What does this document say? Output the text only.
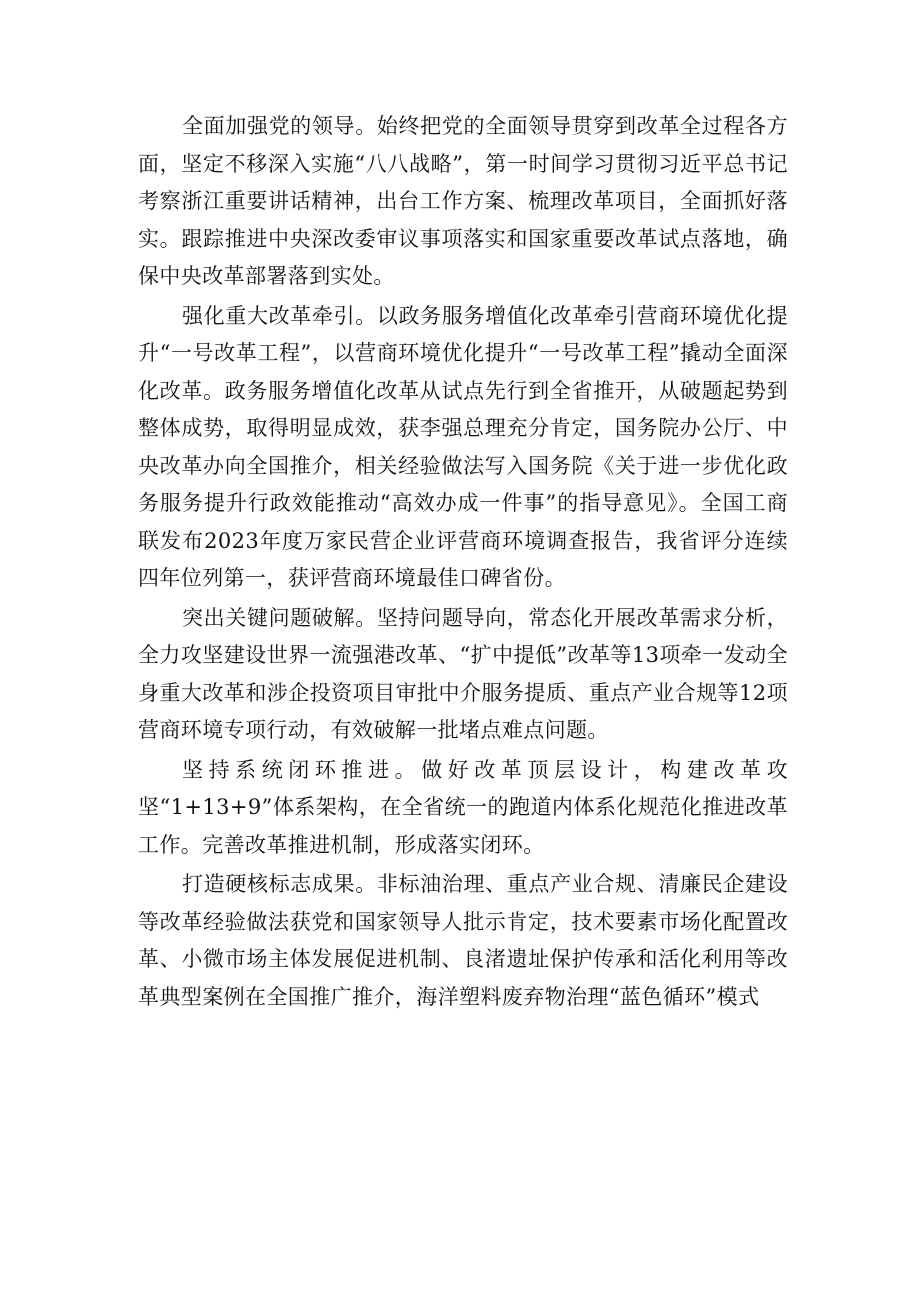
全面加强党的领导。始终把党的全面领导贯穿到改革全过程各方面，坚定不移深入实施“八八战略”，第一时间学习贯彻习近平总书记考察浙江重要讲话精神，出台工作方案、梳理改革项目，全面抓好落实。跟踪推进中央深改委审议事项落实和国家重要改革试点落地，确保中央改革部署落到实处。

强化重大改革牵引。以政务服务增值化改革牵引营商环境优化提升“一号改革工程”，以营商环境优化提升“一号改革工程”撬动全面深化改革。政务服务增值化改革从试点先行到全省推开，从破题起势到整体成势，取得明显成效，获李强总理充分肯定，国务院办公厅、中央改革办向全国推介，相关经验做法写入国务院《关于进一步优化政务服务提升行政效能推动“高效办成一件事”的指导意见》。全国工商联发布2023年度万家民营企业评营商环境调查报告，我省评分连续四年位列第一，获评营商环境最佳口碑省份。

突出关键问题破解。坚持问题导向，常态化开展改革需求分析，全力攻坚建设世界一流强港改革、“扩中提低”改革等13项牵一发动全身重大改革和涉企投资项目审批中介服务提质、重点产业合规等12项营商环境专项行动，有效破解一批堵点难点问题。

坚持系统闭环推进。做好改革顶层设计，构建改革攻坚“1+13+9”体系架构，在全省统一的跑道内体系化规范化推进改革工作。完善改革推进机制，形成落实闭环。

打造硬核标志成果。非标油治理、重点产业合规、清廉民企建设等改革经验做法获党和国家领导人批示肯定，技术要素市场化配置改革、小微市场主体发展促进机制、良渚遗址保护传承和活化利用等改革典型案例在全国推广推介，海洋塑料废弃物治理“蓝色循环”模式
